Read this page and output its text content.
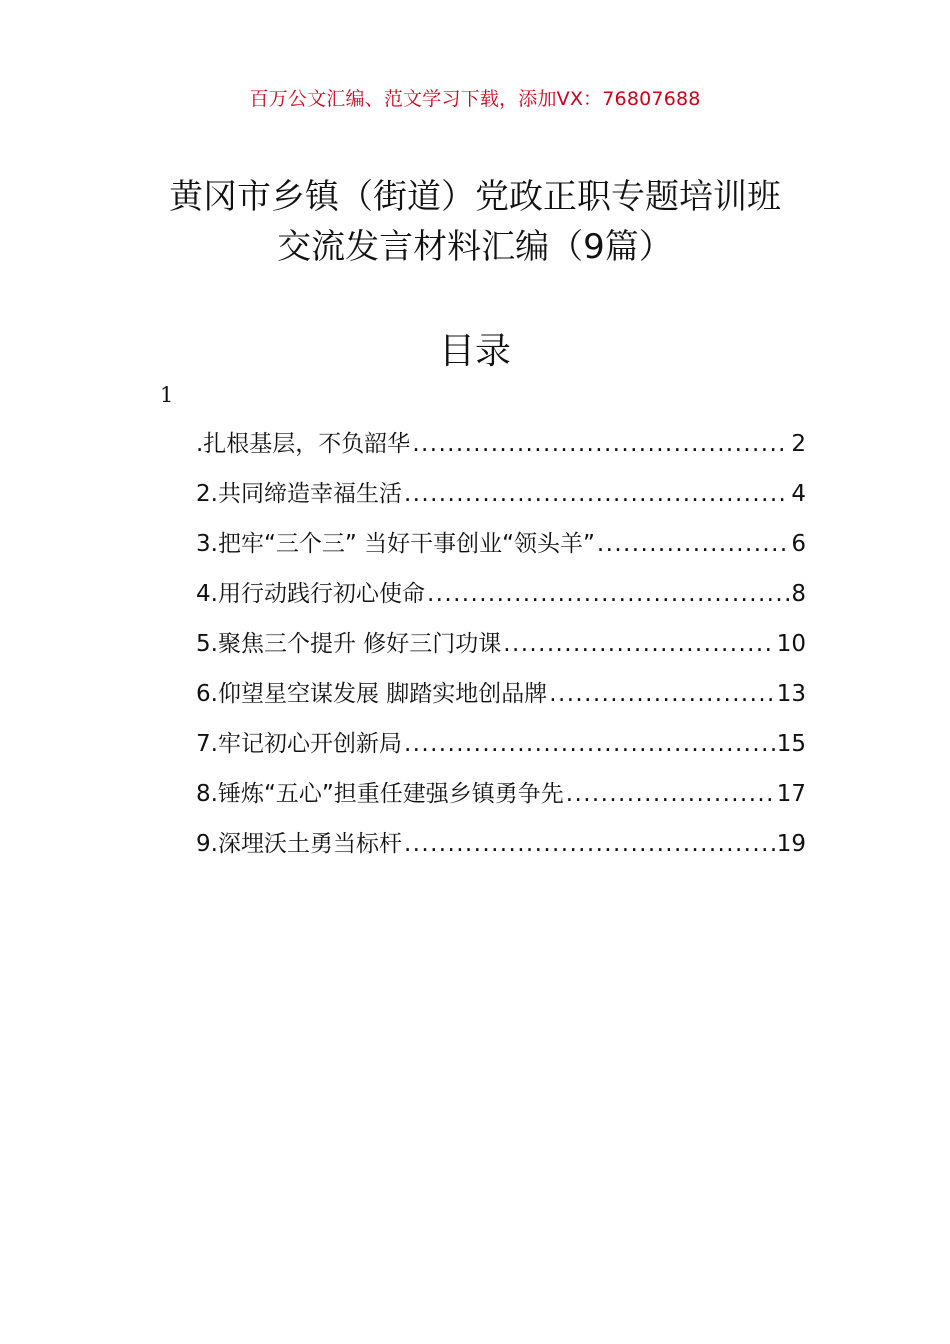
百万公文汇编、范文学习下载，添加VX：76807688
黄冈市乡镇（街道）党政正职专题培训班
交流发言材料汇编（9篇）
目录
1
.扎根基层，不负韶华 .....	2
2.共同缔造幸福生活 .....	4
3.把牢“三个三” 当好干事创业“领头羊” .....	6
4.用行动践行初心使命 .....	8
5.聚焦三个提升 修好三门功课 .....	10
6.仰望星空谋发展 脚踏实地创品牌 .....	13
7.牢记初心开创新局 .....	15
8.锤炼“五心”担重任建强乡镇勇争先 .....	17
9.深埋沃土勇当标杆 .....	19
